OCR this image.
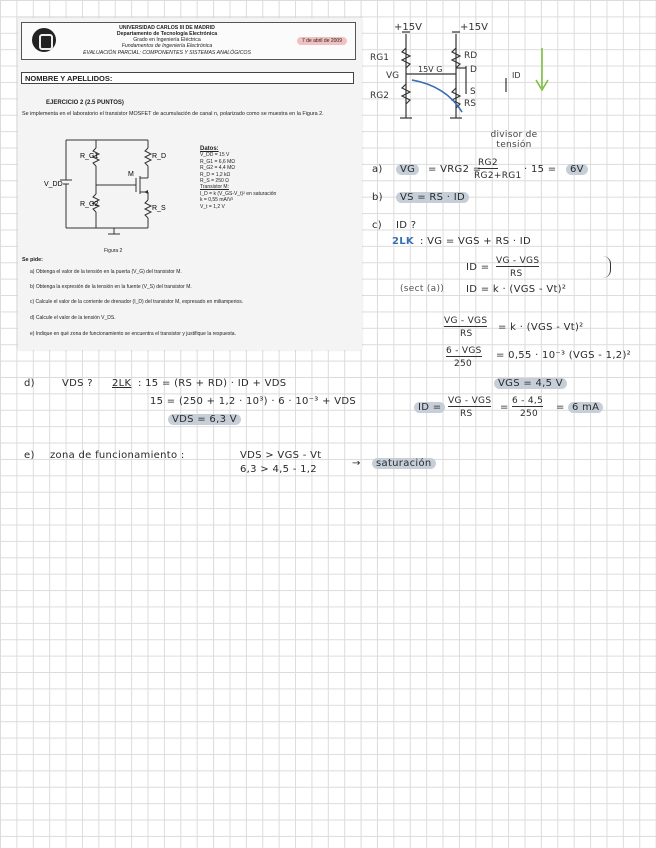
UNIVERSIDAD CARLOS III DE MADRID
Departamento de Tecnología Electrónica
Grado en Ingeniería Eléctrica
Fundamentos de Ingeniería Electrónica
EVALUACIÓN PARCIAL: COMPONENTES Y SISTEMAS ANALÓGICOS
7 de abril de 2009
NOMBRE Y APELLIDOS:
EJERCICIO 2 (2.5 PUNTOS)
Se implementa en el laboratorio el transistor MOSFET de acumulación de canal n, polarizado como se muestra en la Figura 2.
R_G1	R_D
R_G2
R_S
M
V_DD
Datos:
V_DD = 15 V
R_G1 = 6,6 MΩ
R_G2 = 4,4 MΩ
R_D = 1,2 kΩ
R_S = 250 Ω
Transistor M:
I_D = k (V_GS-V_t)² en saturación
k = 0,55 mA/V²
V_t = 1,2 V
Figura 2
Se pide:
a) Obtenga el valor de la tensión en la puerta (V_G) del transistor M.
b) Obtenga la expresión de la tensión en la fuente (V_S) del transistor M.
c) Calcule el valor de la corriente de drenador (I_D) del transistor M, expresado en miliamperios.
d) Calcule el valor de la tensión V_DS.
e) Indique en qué zona de funcionamiento se encuentra el transistor y justifique la respuesta.
+15V	+15V
RG1
RG2
VG
RD
D
S
RS
ID
15V G
divisor de tensión
a)	VG	= VRG2 =
RG2
RG2+RG1
· 15 =	6V
b)	VS = RS · ID
c) ID ?
2LK : VG = VGS + RS · ID
ID =
VG - VGS
RS
(sect (a)) ID = k · (VGS - Vt)²
VG - VGS
RS
= k · (VGS - Vt)²
6 - VGS
250
= 0,55 · 10⁻³ (VGS - 1,2)²
VGS = 4,5 V
ID =
VG - VGS
RS
=
6 - 4,5
250
= 6 mA
d)	VDS ? 2LK : 15 = (RS + RD) · ID + VDS
15 = (250 + 1,2 · 10³) · 6 · 10⁻³ + VDS
VDS = 6,3 V
e) zona de funcionamiento :	VDS > VGS - Vt
6,3 > 4,5 - 1,2
→	saturación
